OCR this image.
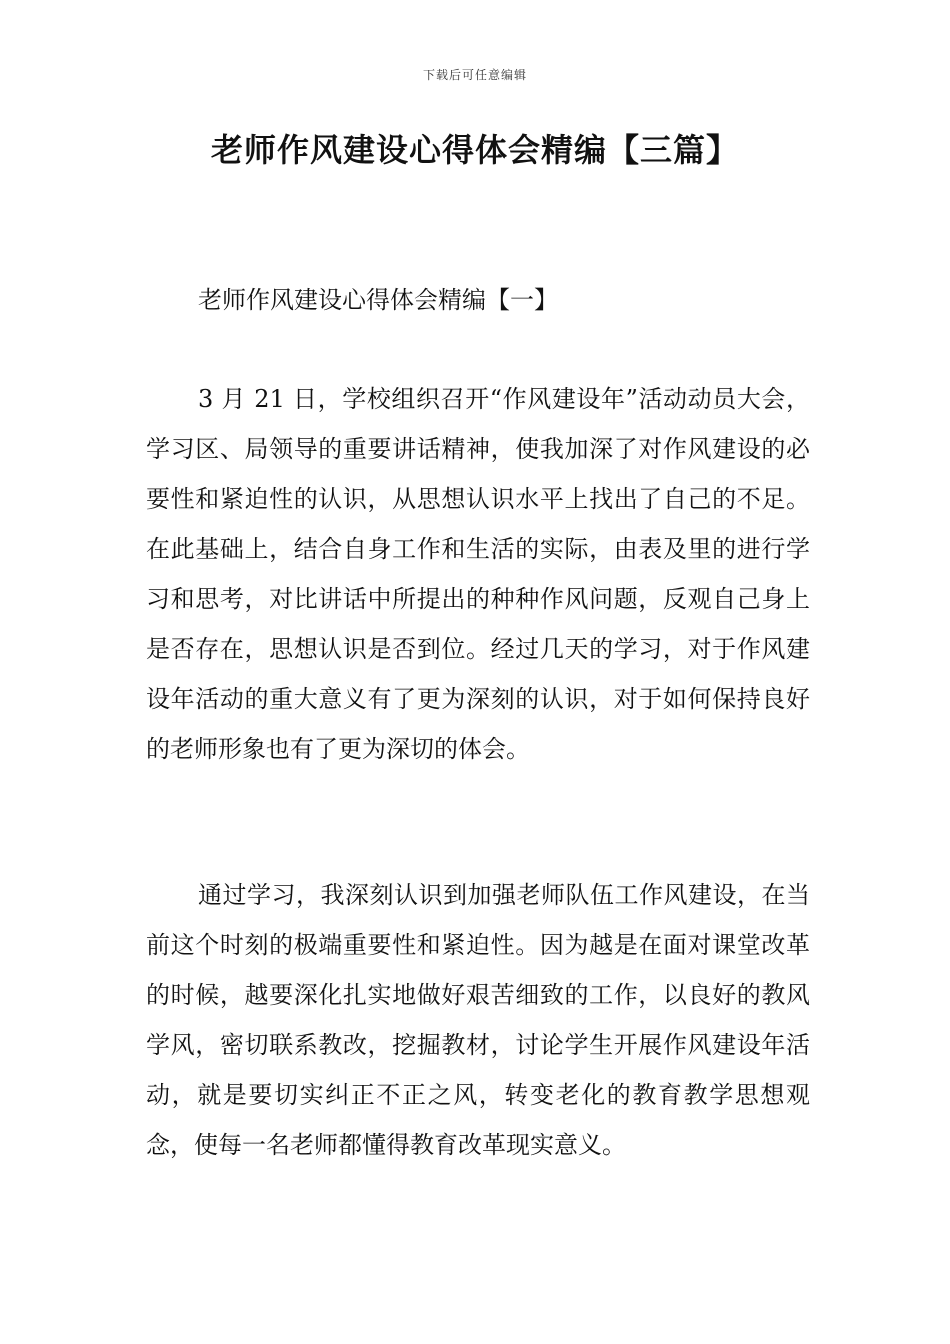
下载后可任意编辑
老师作风建设心得体会精编【三篇】
老师作风建设心得体会精编【一】

3 月 21 日，学校组织召开“作风建设年”活动动员大会，学习区、局领导的重要讲话精神，使我加深了对作风建设的必要性和紧迫性的认识，从思想认识水平上找出了自己的不足。在此基础上，结合自身工作和生活的实际，由表及里的进行学习和思考，对比讲话中所提出的种种作风问题，反观自己身上是否存在，思想认识是否到位。经过几天的学习，对于作风建设年活动的重大意义有了更为深刻的认识，对于如何保持良好的老师形象也有了更为深切的体会。

通过学习，我深刻认识到加强老师队伍工作风建设，在当前这个时刻的极端重要性和紧迫性。因为越是在面对课堂改革的时候，越要深化扎实地做好艰苦细致的工作，以良好的教风学风，密切联系教改，挖掘教材，讨论学生开展作风建设年活动，就是要切实纠正不正之风，转变老化的教育教学思想观念，使每一名老师都懂得教育改革现实意义。
